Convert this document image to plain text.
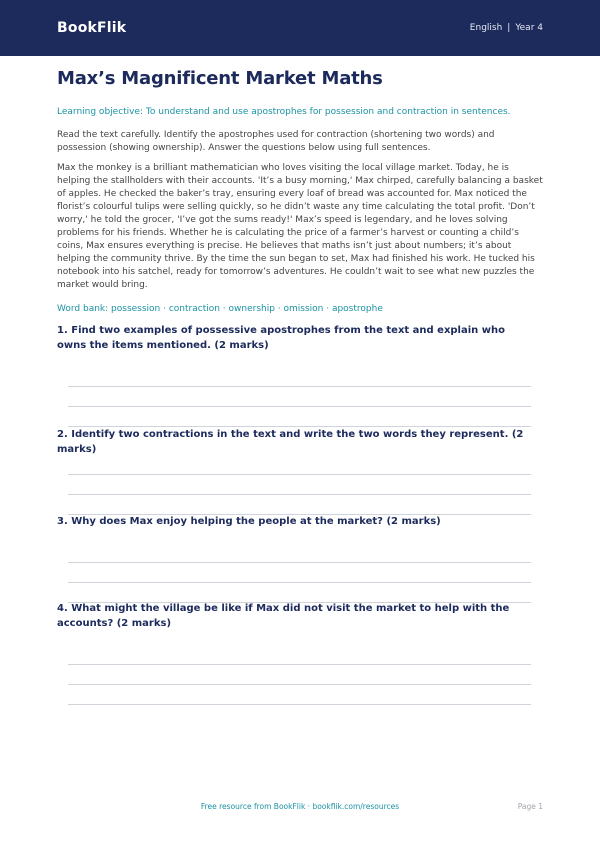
BookFlik	English | Year 4
Max’s Magnificent Market Maths
Learning objective: To understand and use apostrophes for possession and contraction in sentences.
Read the text carefully. Identify the apostrophes used for contraction (shortening two words) and possession (showing ownership). Answer the questions below using full sentences.
Max the monkey is a brilliant mathematician who loves visiting the local village market. Today, he is helping the stallholders with their accounts. 'It’s a busy morning,' Max chirped, carefully balancing a basket of apples. He checked the baker’s tray, ensuring every loaf of bread was accounted for. Max noticed the florist’s colourful tulips were selling quickly, so he didn’t waste any time calculating the total profit. 'Don’t worry,' he told the grocer, 'I’ve got the sums ready!' Max’s speed is legendary, and he loves solving problems for his friends. Whether he is calculating the price of a farmer’s harvest or counting a child’s coins, Max ensures everything is precise. He believes that maths isn’t just about numbers; it’s about helping the community thrive. By the time the sun began to set, Max had finished his work. He tucked his notebook into his satchel, ready for tomorrow’s adventures. He couldn’t wait to see what new puzzles the market would bring.
Word bank: possession · contraction · ownership · omission · apostrophe
1. Find two examples of possessive apostrophes from the text and explain who owns the items mentioned. (2 marks)
2. Identify two contractions in the text and write the two words they represent. (2 marks)
3. Why does Max enjoy helping the people at the market? (2 marks)
4. What might the village be like if Max did not visit the market to help with the accounts? (2 marks)
Free resource from BookFlik · bookflik.com/resources	Page 1
